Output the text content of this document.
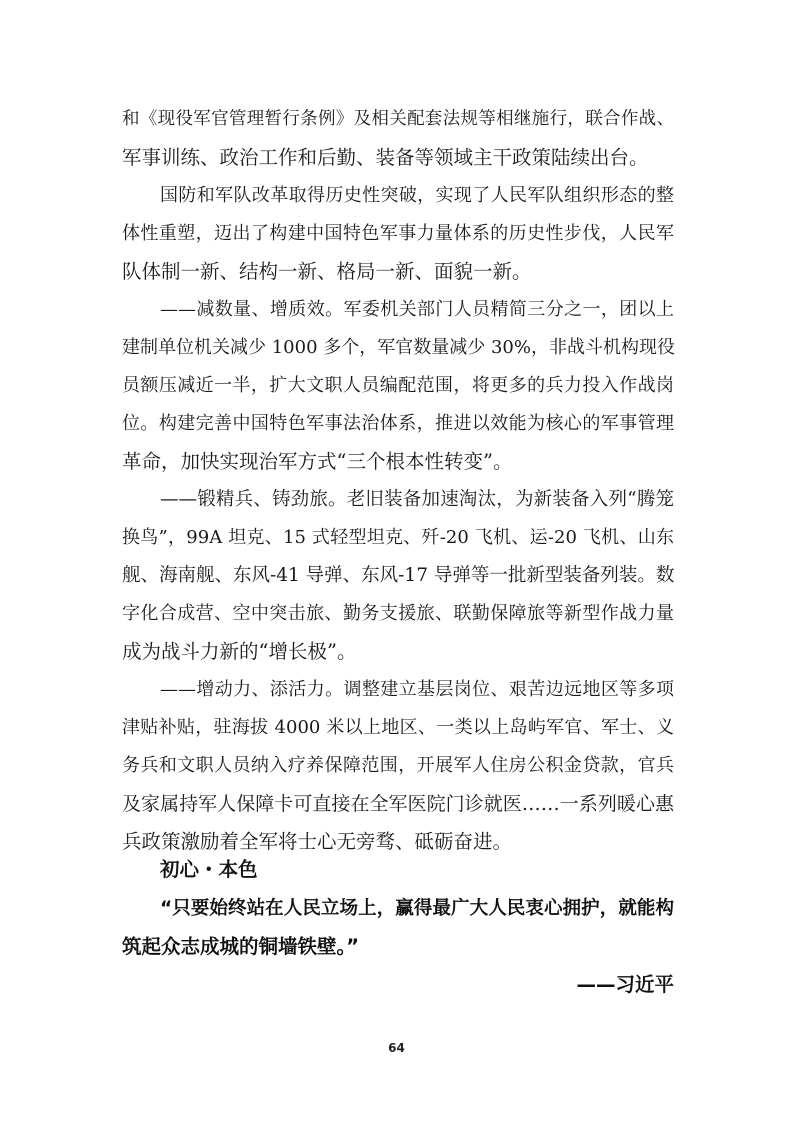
和《现役军官管理暂行条例》及相关配套法规等相继施行，联合作战、
军事训练、政治工作和后勤、装备等领域主干政策陆续出台。
国防和军队改革取得历史性突破，实现了人民军队组织形态的整
体性重塑，迈出了构建中国特色军事力量体系的历史性步伐，人民军
队体制一新、结构一新、格局一新、面貌一新。
——减数量、增质效。军委机关部门人员精简三分之一，团以上
建制单位机关减少 1000 多个，军官数量减少 30%，非战斗机构现役
员额压减近一半，扩大文职人员编配范围，将更多的兵力投入作战岗
位。构建完善中国特色军事法治体系，推进以效能为核心的军事管理
革命，加快实现治军方式“三个根本性转变”。
——锻精兵、铸劲旅。老旧装备加速淘汰，为新装备入列“腾笼
换鸟”，99A 坦克、15 式轻型坦克、歼-20 飞机、运-20 飞机、山东
舰、海南舰、东风-41 导弹、东风-17 导弹等一批新型装备列装。数
字化合成营、空中突击旅、勤务支援旅、联勤保障旅等新型作战力量
成为战斗力新的“增长极”。
——增动力、添活力。调整建立基层岗位、艰苦边远地区等多项
津贴补贴，驻海拔 4000 米以上地区、一类以上岛屿军官、军士、义
务兵和文职人员纳入疗养保障范围，开展军人住房公积金贷款，官兵
及家属持军人保障卡可直接在全军医院门诊就医……一系列暖心惠
兵政策激励着全军将士心无旁骛、砥砺奋进。
初心・本色
“只要始终站在人民立场上，赢得最广大人民衷心拥护，就能构
筑起众志成城的铜墙铁壁。”
——习近平
64
